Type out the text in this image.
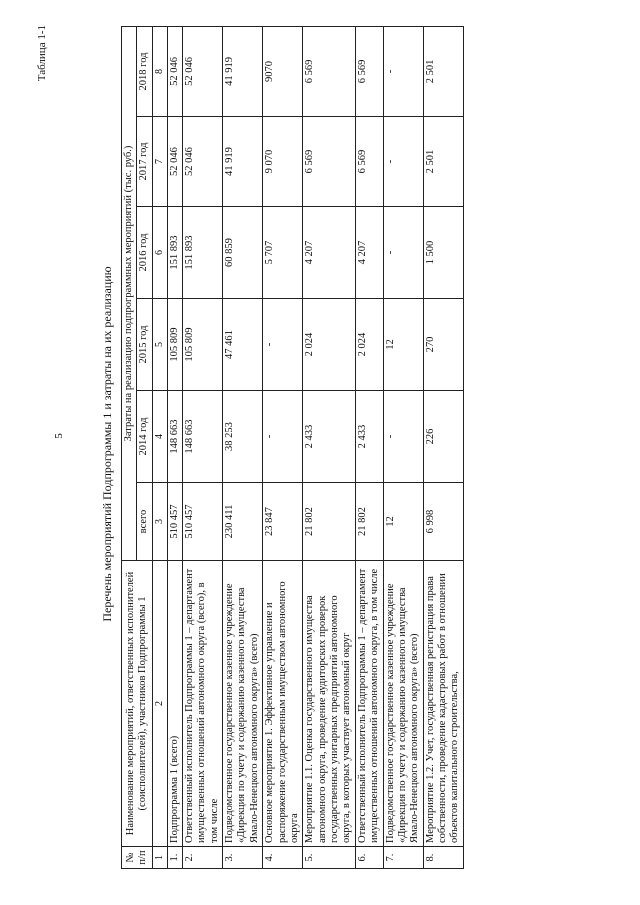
5
Таблица 1-1
Перечень мероприятий Подпрограммы 1 и затраты на их реализацию
№ п/п	Наименование мероприятий, ответственных исполнителей (соисполнителей), участников Подпрограммы 1	Затраты на реализацию подпрограммных мероприятий (тыс. руб.)					
		всего	2014 год	2015 год	2016 год	2017 год	2018 год
1	2	3	4	5	6	7	8
1.	Подпрограмма 1 (всего)	510 457	148 663	105 809	151 893	52 046	52 046
2.	Ответственный исполнитель Подпрограммы 1 – департамент имущественных отношений автономного округа (всего), в том числе	510 457	148 663	105 809	151 893	52 046	52 046
3.	Подведомственное государственное казенное учреждение «Дирекция по учету и содержанию казенного имущества Ямало-Ненецкого автономного округа» (всего)	230 411	38 253	47 461	60 859	41 919	41 919
4.	Основное мероприятие 1. Эффективное управление и распоряжение государственным имуществом автономного округа	23 847	-	-	5 707	9 070	9070
5.	Мероприятие 1.1. Оценка государственного имущества автономного округа, проведение аудиторских проверок государственных унитарных предприятий автономного округа, в которых участвует автономный округ	21 802	2 433	2 024	4 207	6 569	6 569
6.	Ответственный исполнитель Подпрограммы 1 – департамент имущественных отношений автономного округа, в том числе	21 802	2 433	2 024	4 207	6 569	6 569
7.	Подведомственное государственное казенное учреждение «Дирекция по учету и содержанию казенного имущества Ямало-Ненецкого автономного округа» (всего)	12	-	12	-	-	-
8.	Мероприятие 1.2. Учет, государственная регистрация права собственности, проведение кадастровых работ в отношении объектов капитального строительства,	6 998	226	270	1 500	2 501	2 501
